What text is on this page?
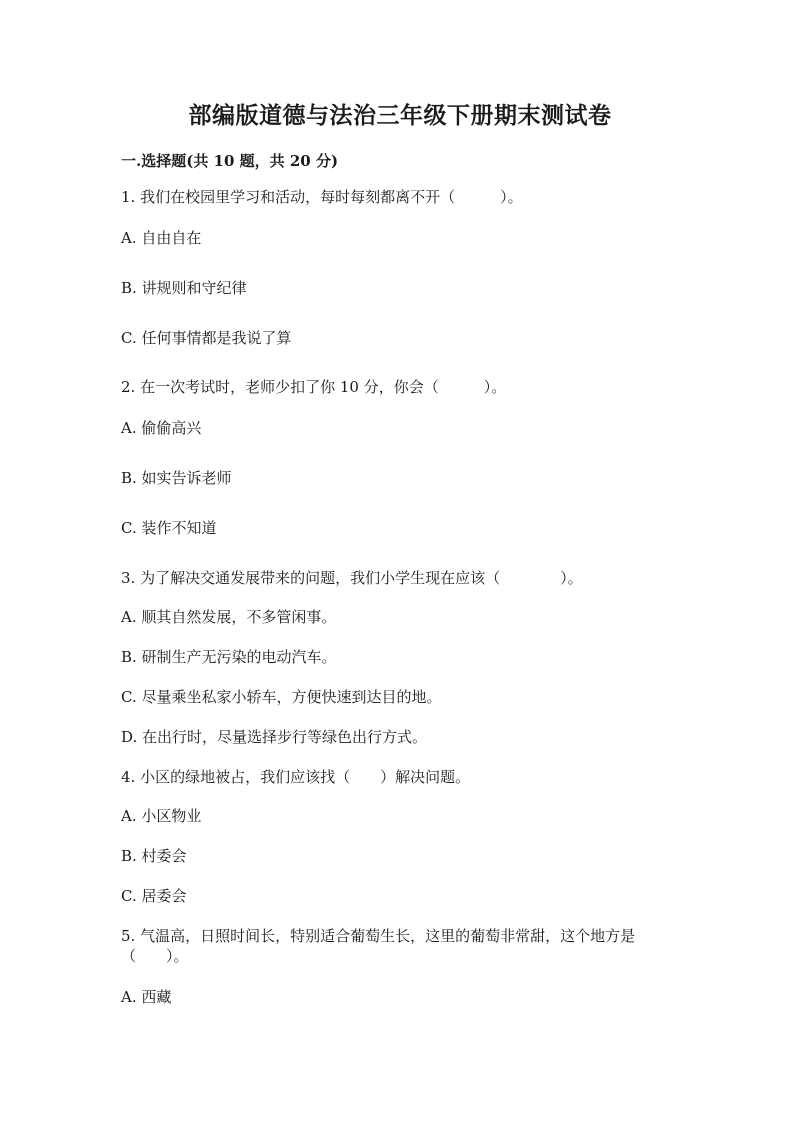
部编版道德与法治三年级下册期末测试卷
一.选择题(共 10 题，共 20 分)
1. 我们在校园里学习和活动，每时每刻都离不开（　　　）。
A. 自由自在
B. 讲规则和守纪律
C. 任何事情都是我说了算
2. 在一次考试时，老师少扣了你 10 分，你会（　　　）。
A. 偷偷高兴
B. 如实告诉老师
C. 装作不知道
3. 为了解决交通发展带来的问题，我们小学生现在应该（　　　　）。
A. 顺其自然发展，不多管闲事。
B. 研制生产无污染的电动汽车。
C. 尽量乘坐私家小轿车，方便快速到达目的地。
D. 在出行时，尽量选择步行等绿色出行方式。
4. 小区的绿地被占，我们应该找（　　）解决问题。
A. 小区物业
B. 村委会
C. 居委会
5. 气温高，日照时间长，特别适合葡萄生长，这里的葡萄非常甜，这个地方是（　　）。
A. 西藏
